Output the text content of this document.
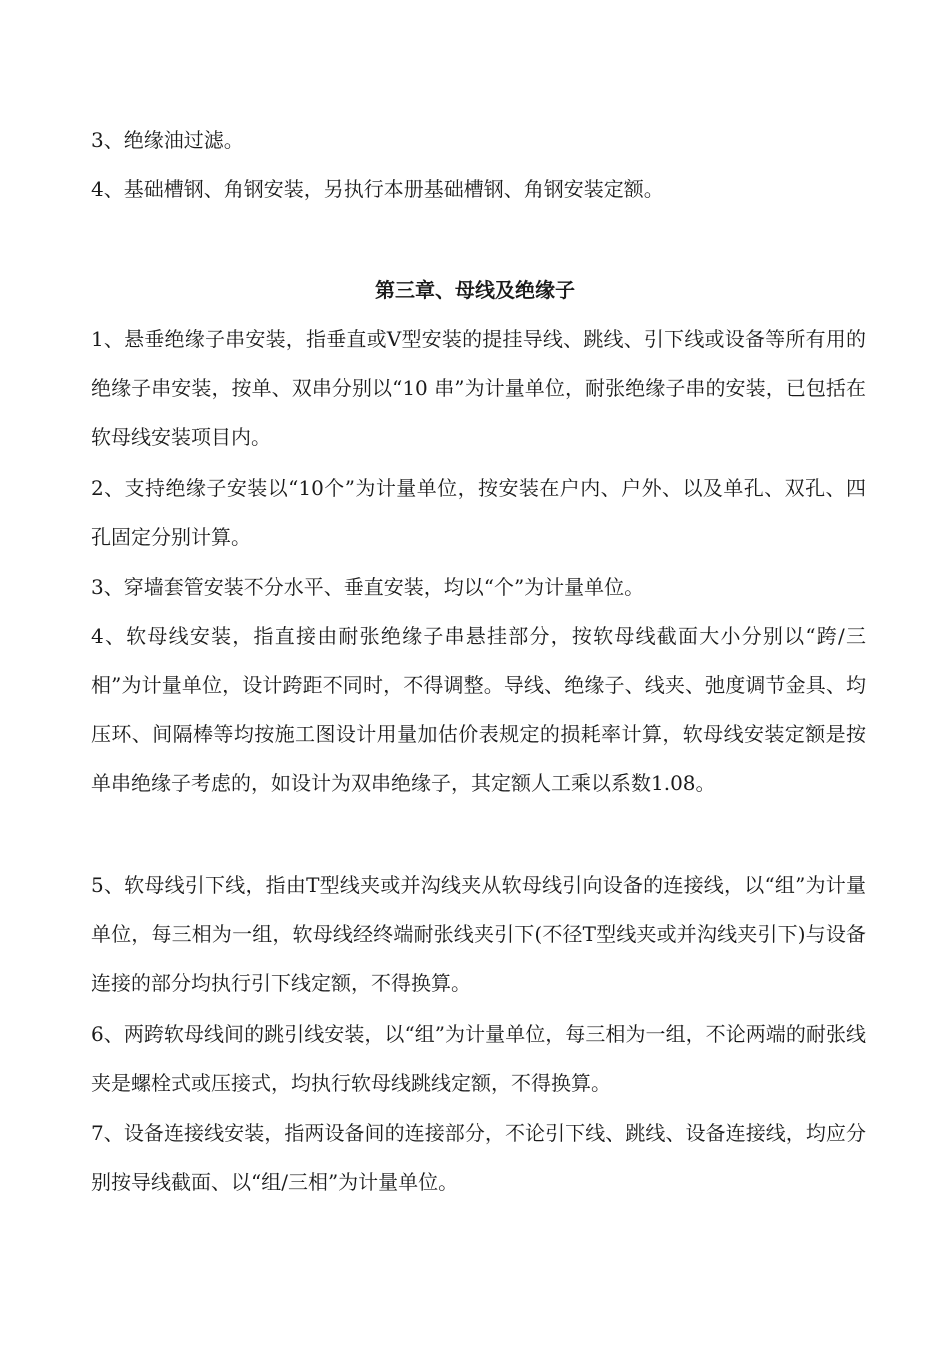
3、绝缘油过滤。

4、基础槽钢、角钢安装，另执行本册基础槽钢、角钢安装定额。

第三章、母线及绝缘子

1、悬垂绝缘子串安装，指垂直或V型安装的提挂导线、跳线、引下线或设备等所有用的绝缘子串安装，按单、双串分别以“10 串”为计量单位，耐张绝缘子串的安装，已包括在软母线安装项目内。

2、支持绝缘子安装以“10个”为计量单位，按安装在户内、户外、以及单孔、双孔、四孔固定分别计算。

3、穿墙套管安装不分水平、垂直安装，均以“个”为计量单位。

4、软母线安装，指直接由耐张绝缘子串悬挂部分，按软母线截面大小分别以“跨/三相”为计量单位，设计跨距不同时，不得调整。导线、绝缘子、线夹、弛度调节金具、均压环、间隔棒等均按施工图设计用量加估价表规定的损耗率计算，软母线安装定额是按单串绝缘子考虑的，如设计为双串绝缘子，其定额人工乘以系数1.08。

5、软母线引下线，指由T型线夹或并沟线夹从软母线引向设备的连接线，以“组”为计量单位，每三相为一组，软母线经终端耐张线夹引下(不径T型线夹或并沟线夹引下)与设备连接的部分均执行引下线定额，不得换算。

6、两跨软母线间的跳引线安装，以“组”为计量单位，每三相为一组，不论两端的耐张线夹是螺栓式或压接式，均执行软母线跳线定额，不得换算。

7、设备连接线安装，指两设备间的连接部分，不论引下线、跳线、设备连接线，均应分别按导线截面、以“组/三相”为计量单位。
